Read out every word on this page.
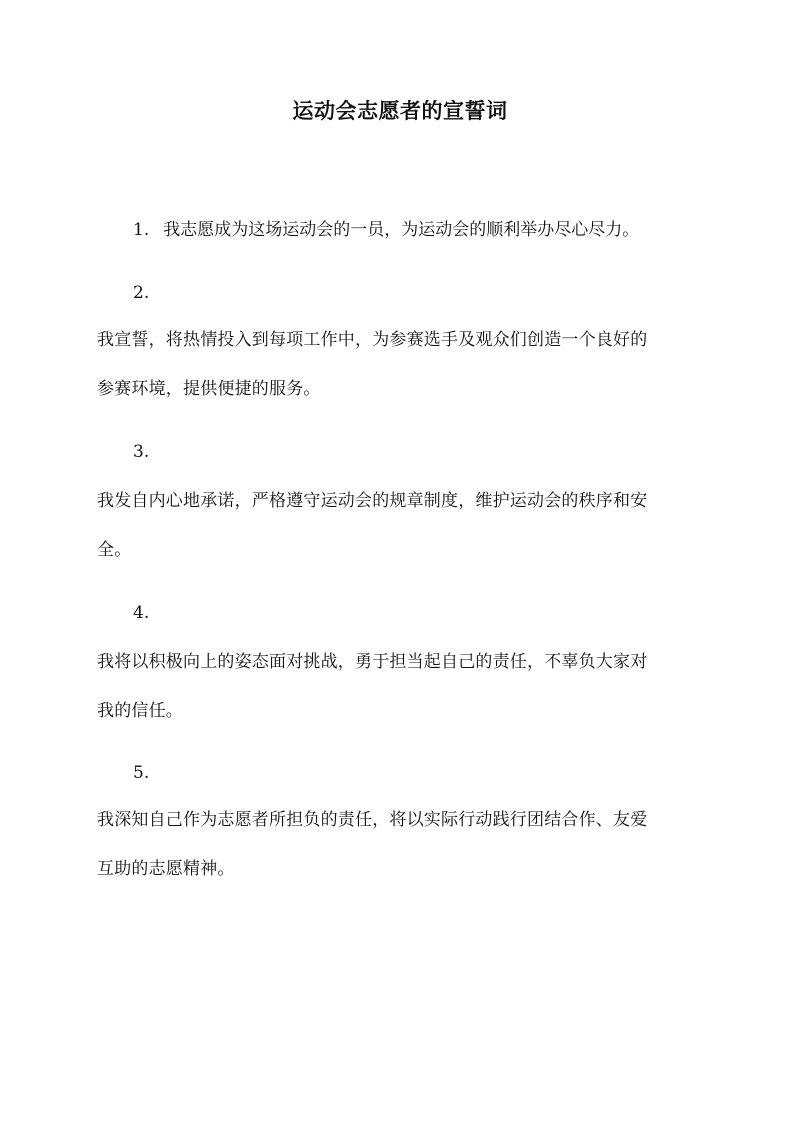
运动会志愿者的宣誓词
1. 我志愿成为这场运动会的一员，为运动会的顺利举办尽心尽力。
2.
我宣誓，将热情投入到每项工作中，为参赛选手及观众们创造一个良好的
参赛环境，提供便捷的服务。
3.
我发自内心地承诺，严格遵守运动会的规章制度，维护运动会的秩序和安
全。
4.
我将以积极向上的姿态面对挑战，勇于担当起自己的责任，不辜负大家对
我的信任。
5.
我深知自己作为志愿者所担负的责任，将以实际行动践行团结合作、友爱
互助的志愿精神。
